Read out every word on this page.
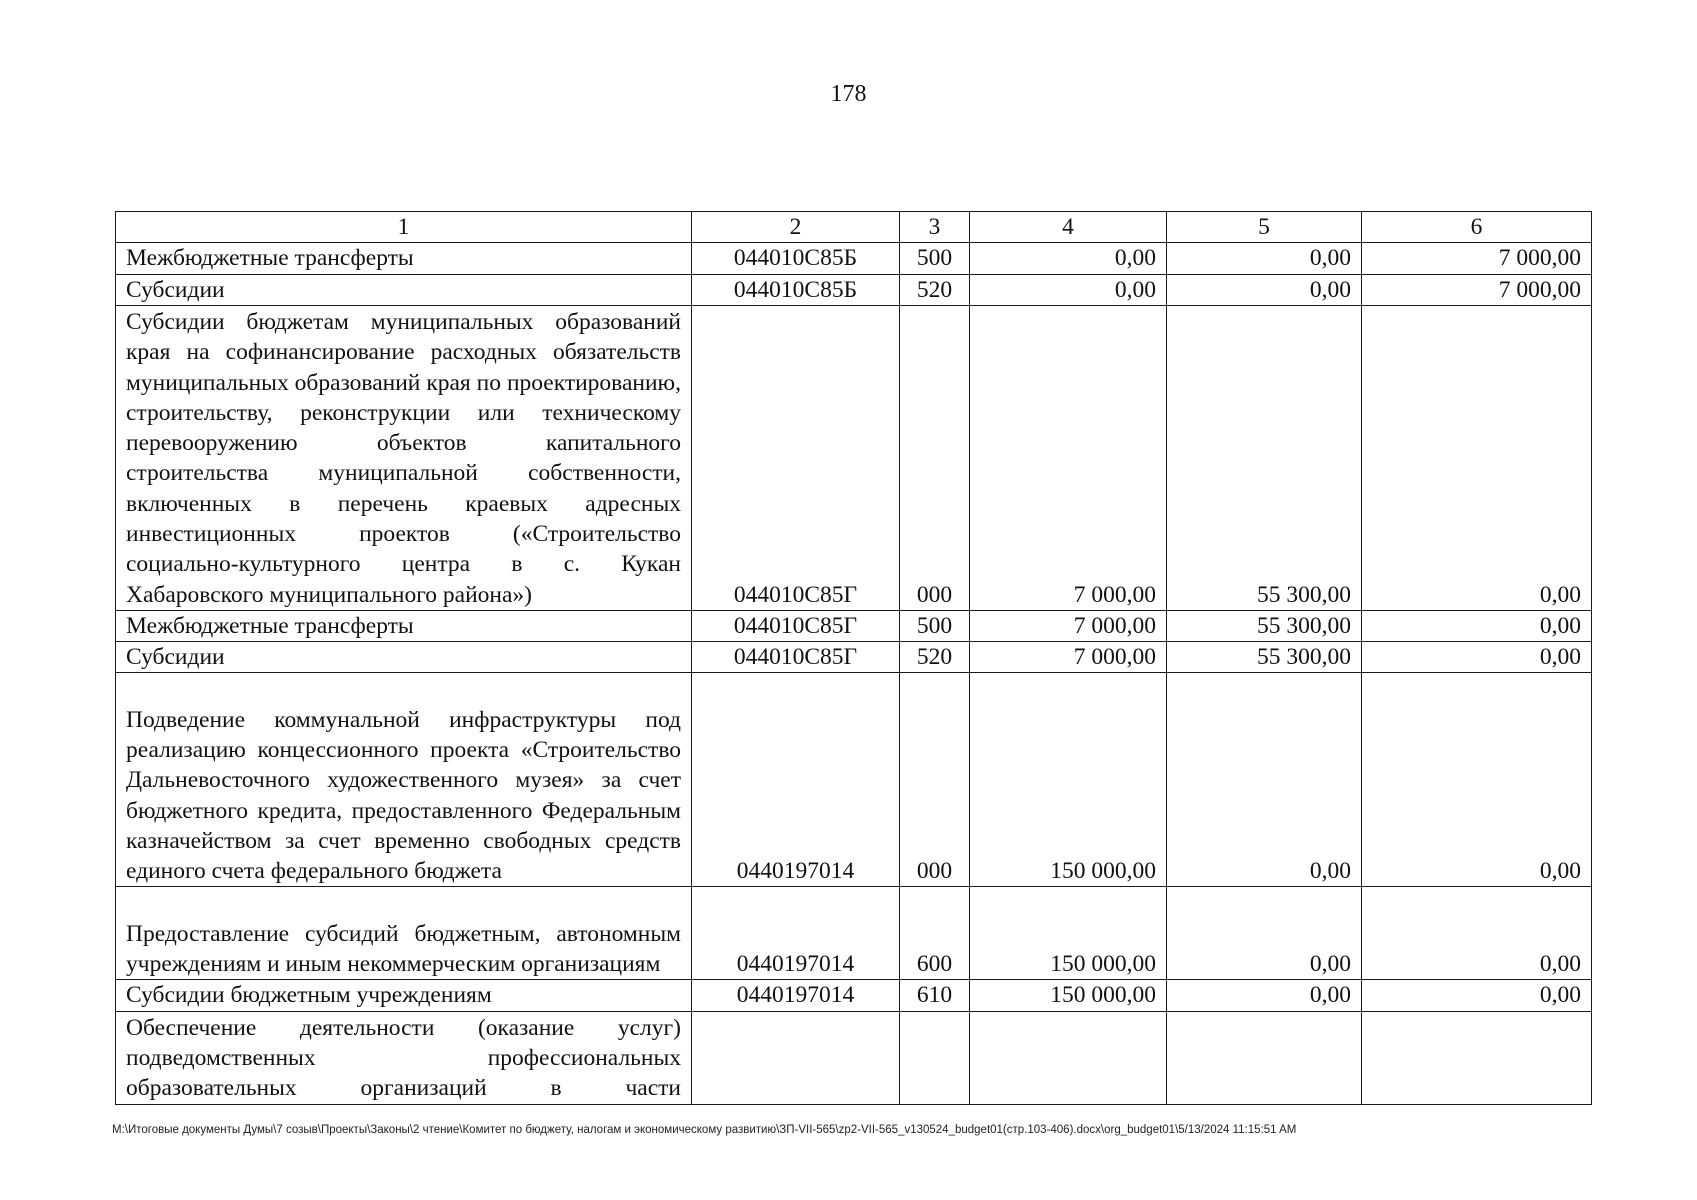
178
1	2	3	4	5	6
Межбюджетные трансферты	044010С85Б	500	0,00	0,00	7 000,00
Субсидии	044010С85Б	520	0,00	0,00	7 000,00
Субсидии бюджетам муниципальных образований края на софинансирование расходных обязательств муниципальных образований края по проектированию, строительству, реконструкции или техническому перевооружению объектов капитального строительства муниципальной собственности, включенных в перечень краевых адресных инвестиционных проектов («Строительство социально-культурного центра в с. Кукан Хабаровского муниципального района»)	044010С85Г	000	7 000,00	55 300,00	0,00
Межбюджетные трансферты	044010С85Г	500	7 000,00	55 300,00	0,00
Субсидии	044010С85Г	520	7 000,00	55 300,00	0,00
Подведение коммунальной инфраструктуры под реализацию концессионного проекта «Строительство Дальневосточного художественного музея» за счет бюджетного кредита, предоставленного Федеральным казначейством за счет временно свободных средств единого счета федерального бюджета	0440197014	000	150 000,00	0,00	0,00
Предоставление субсидий бюджетным, автономным учреждениям и иным некоммерческим организациям	0440197014	600	150 000,00	0,00	0,00
Субсидии бюджетным учреждениям	0440197014	610	150 000,00	0,00	0,00
Обеспечение деятельности (оказание услуг) подведомственных профессиональных образовательных организаций в части					
M:\Итоговые документы Думы\7 созыв\Проекты\Законы\2 чтение\Комитет по бюджету, налогам и экономическому развитию\ЗП-VII-565\zp2-VII-565_v130524_budget01(стр.103-406).docx\org_budget01\5/13/2024 11:15:51 AM
